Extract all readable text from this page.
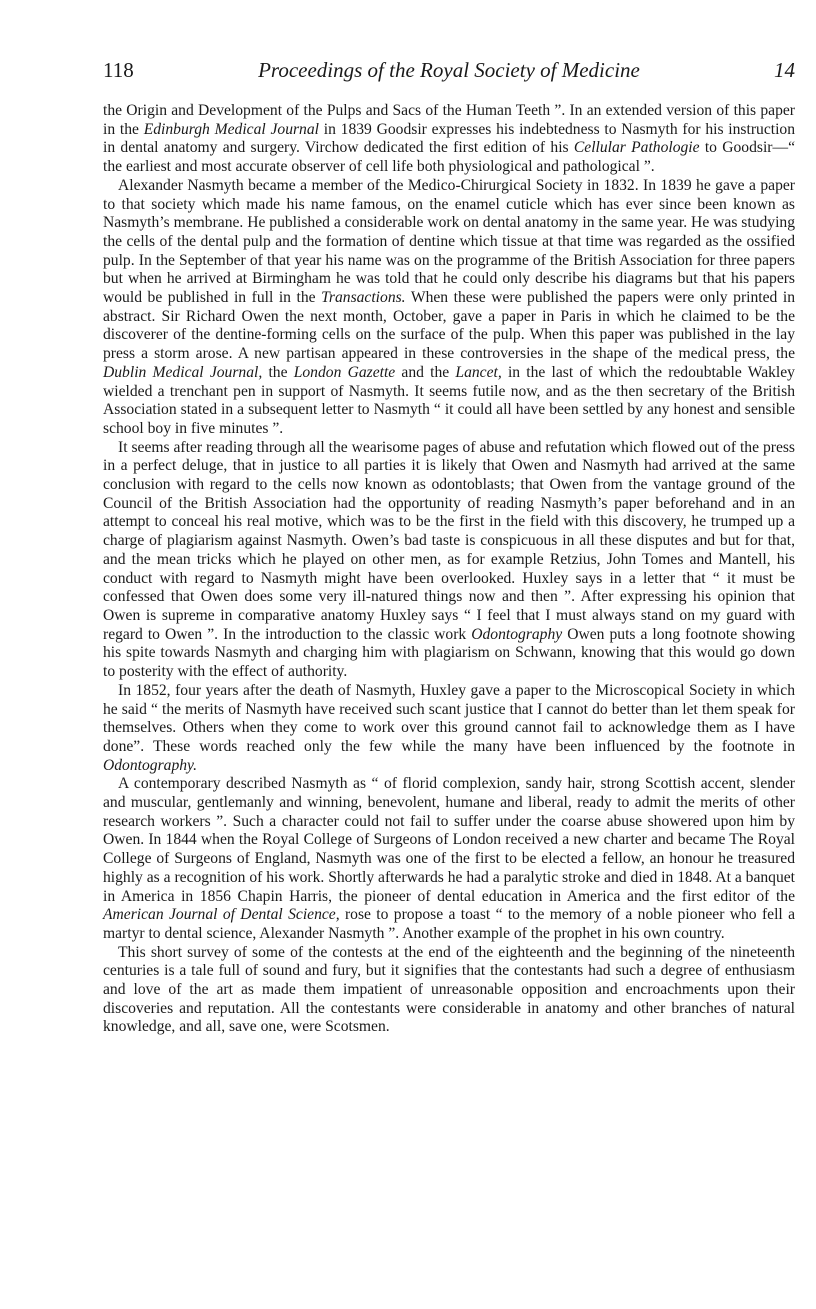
118	Proceedings of the Royal Society of Medicine	14

the Origin and Development of the Pulps and Sacs of the Human Teeth ”. In an extended version of this paper in the Edinburgh Medical Journal in 1839 Goodsir expresses his indebtedness to Nasmyth for his instruction in dental anatomy and surgery. Virchow dedicated the first edition of his Cellular Pathologie to Goodsir—“ the earliest and most accurate observer of cell life both physiological and pathological ”.

Alexander Nasmyth became a member of the Medico-Chirurgical Society in 1832. In 1839 he gave a paper to that society which made his name famous, on the enamel cuticle which has ever since been known as Nasmyth’s membrane. He published a considerable work on dental anatomy in the same year. He was studying the cells of the dental pulp and the formation of dentine which tissue at that time was regarded as the ossified pulp. In the September of that year his name was on the programme of the British Association for three papers but when he arrived at Birmingham he was told that he could only describe his diagrams but that his papers would be published in full in the Transactions. When these were published the papers were only printed in abstract. Sir Richard Owen the next month, October, gave a paper in Paris in which he claimed to be the discoverer of the dentine-forming cells on the surface of the pulp. When this paper was published in the lay press a storm arose. A new partisan appeared in these controversies in the shape of the medical press, the Dublin Medical Journal, the London Gazette and the Lancet, in the last of which the redoubtable Wakley wielded a trenchant pen in support of Nasmyth. It seems futile now, and as the then secretary of the British Association stated in a subsequent letter to Nasmyth “ it could all have been settled by any honest and sensible school boy in five minutes ”.

It seems after reading through all the wearisome pages of abuse and refutation which flowed out of the press in a perfect deluge, that in justice to all parties it is likely that Owen and Nasmyth had arrived at the same conclusion with regard to the cells now known as odontoblasts; that Owen from the vantage ground of the Council of the British Association had the opportunity of reading Nasmyth’s paper beforehand and in an attempt to conceal his real motive, which was to be the first in the field with this discovery, he trumped up a charge of plagiarism against Nasmyth. Owen’s bad taste is conspicuous in all these disputes and but for that, and the mean tricks which he played on other men, as for example Retzius, John Tomes and Mantell, his conduct with regard to Nasmyth might have been overlooked. Huxley says in a letter that “ it must be confessed that Owen does some very ill-natured things now and then ”. After expressing his opinion that Owen is supreme in comparative anatomy Huxley says “ I feel that I must always stand on my guard with regard to Owen ”. In the introduction to the classic work Odontography Owen puts a long footnote showing his spite towards Nasmyth and charging him with plagiarism on Schwann, knowing that this would go down to posterity with the effect of authority.

In 1852, four years after the death of Nasmyth, Huxley gave a paper to the Microscopical Society in which he said “ the merits of Nasmyth have received such scant justice that I cannot do better than let them speak for themselves. Others when they come to work over this ground cannot fail to acknowledge them as I have done”. These words reached only the few while the many have been influenced by the footnote in Odontography.

A contemporary described Nasmyth as “ of florid complexion, sandy hair, strong Scottish accent, slender and muscular, gentlemanly and winning, benevolent, humane and liberal, ready to admit the merits of other research workers ”. Such a character could not fail to suffer under the coarse abuse showered upon him by Owen. In 1844 when the Royal College of Surgeons of London received a new charter and became The Royal College of Surgeons of England, Nasmyth was one of the first to be elected a fellow, an honour he treasured highly as a recognition of his work. Shortly afterwards he had a paralytic stroke and died in 1848. At a banquet in America in 1856 Chapin Harris, the pioneer of dental education in America and the first editor of the American Journal of Dental Science, rose to propose a toast “ to the memory of a noble pioneer who fell a martyr to dental science, Alexander Nasmyth ”. Another example of the prophet in his own country.

This short survey of some of the contests at the end of the eighteenth and the beginning of the nineteenth centuries is a tale full of sound and fury, but it signifies that the contestants had such a degree of enthusiasm and love of the art as made them impatient of unreasonable opposition and encroachments upon their discoveries and reputation. All the contestants were considerable in anatomy and other branches of natural knowledge, and all, save one, were Scotsmen.
